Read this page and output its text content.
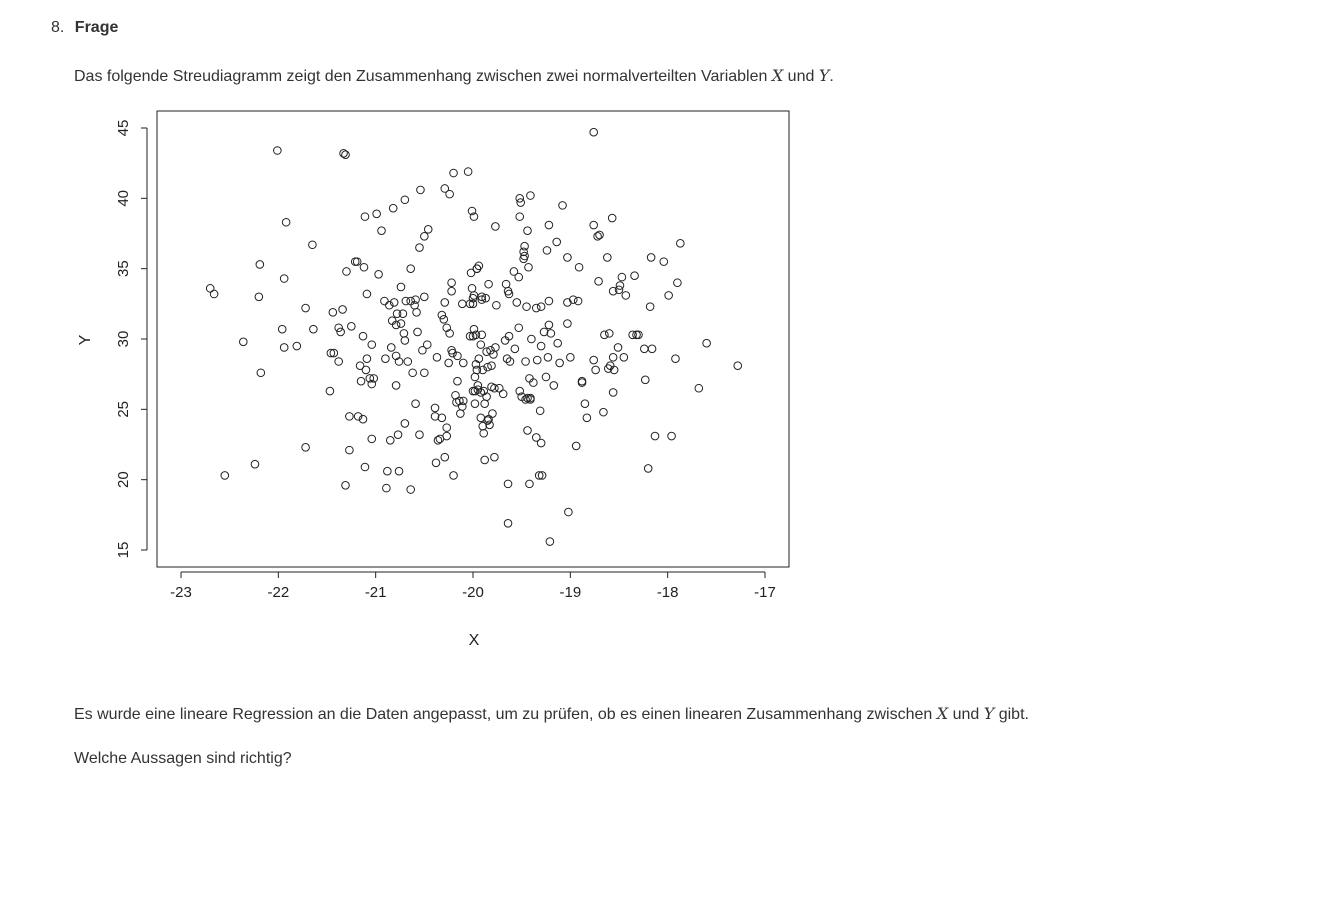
8. Frage
Das folgende Streudiagramm zeigt den Zusammenhang zwischen zwei normalverteilten Variablen X und Y.
-23	-22	-21	-20	-19	-18	-17
15
20
25
30
35
40
45
X
Y
Es wurde eine lineare Regression an die Daten angepasst, um zu prüfen, ob es einen linearen Zusammenhang zwischen X und Y gibt.
Welche Aussagen sind richtig?
